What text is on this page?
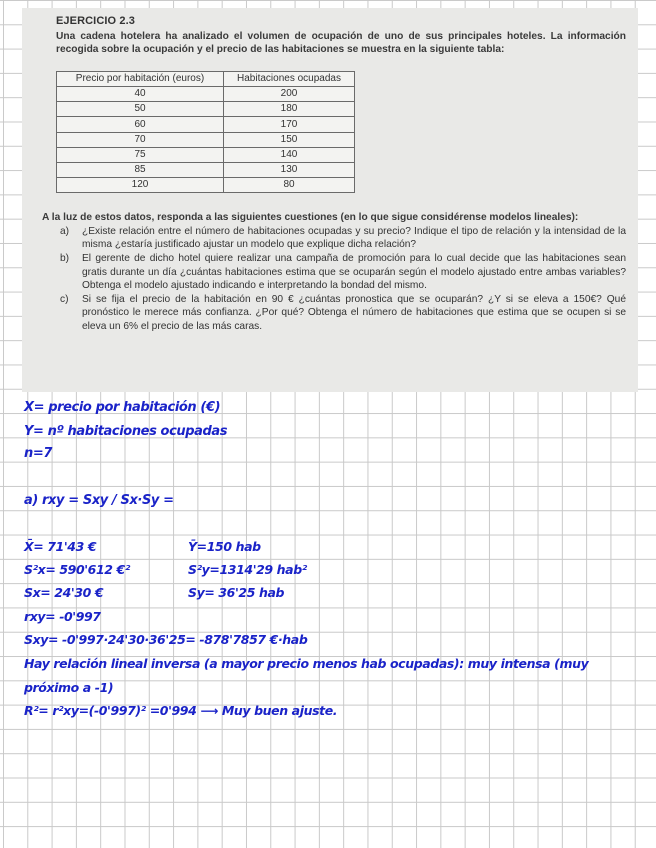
EJERCICIO 2.3

Una cadena hotelera ha analizado el volumen de ocupación de uno de sus principales hoteles. La información recogida sobre la ocupación y el precio de las habitaciones se muestra en la siguiente tabla:

Precio por habitación (euros)	Habitaciones ocupadas
40	200
50	180
60	170
70	150
75	140
85	130
120	80

A la luz de estos datos, responda a las siguientes cuestiones (en lo que sigue considérense modelos lineales):

a)	¿Existe relación entre el número de habitaciones ocupadas y su precio? Indique el tipo de relación y la intensidad de la misma ¿estaría justificado ajustar un modelo que explique dicha relación?
b)	El gerente de dicho hotel quiere realizar una campaña de promoción para lo cual decide que las habitaciones sean gratis durante un día ¿cuántas habitaciones estima que se ocuparán según el modelo ajustado entre ambas variables? Obtenga el modelo ajustado indicando e interpretando la bondad del mismo.
c)	Si se fija el precio de la habitación en 90 € ¿cuántas pronostica que se ocuparán? ¿Y si se eleva a 150€? Qué pronóstico le merece más confianza. ¿Por qué? Obtenga el número de habitaciones que estima que se ocupen si se eleva un 6% el precio de las más caras.
X= precio por habitación (€)
Y= nº habitaciones ocupadas
n=7
a) rxy = Sxy / Sx·Sy =
X̄= 71'43 €	Ȳ=150 hab
S²x= 590'612 €²	S²y=1314'29 hab²
Sx= 24'30 €	Sy= 36'25 hab
rxy= -0'997
Sxy= -0'997·24'30·36'25= -878'7857 €·hab
Hay relación lineal inversa (a mayor precio menos hab ocupadas): muy intensa (muy
próximo a -1)
R²= r²xy=(-0'997)² =0'994 ⟶ Muy buen ajuste.
